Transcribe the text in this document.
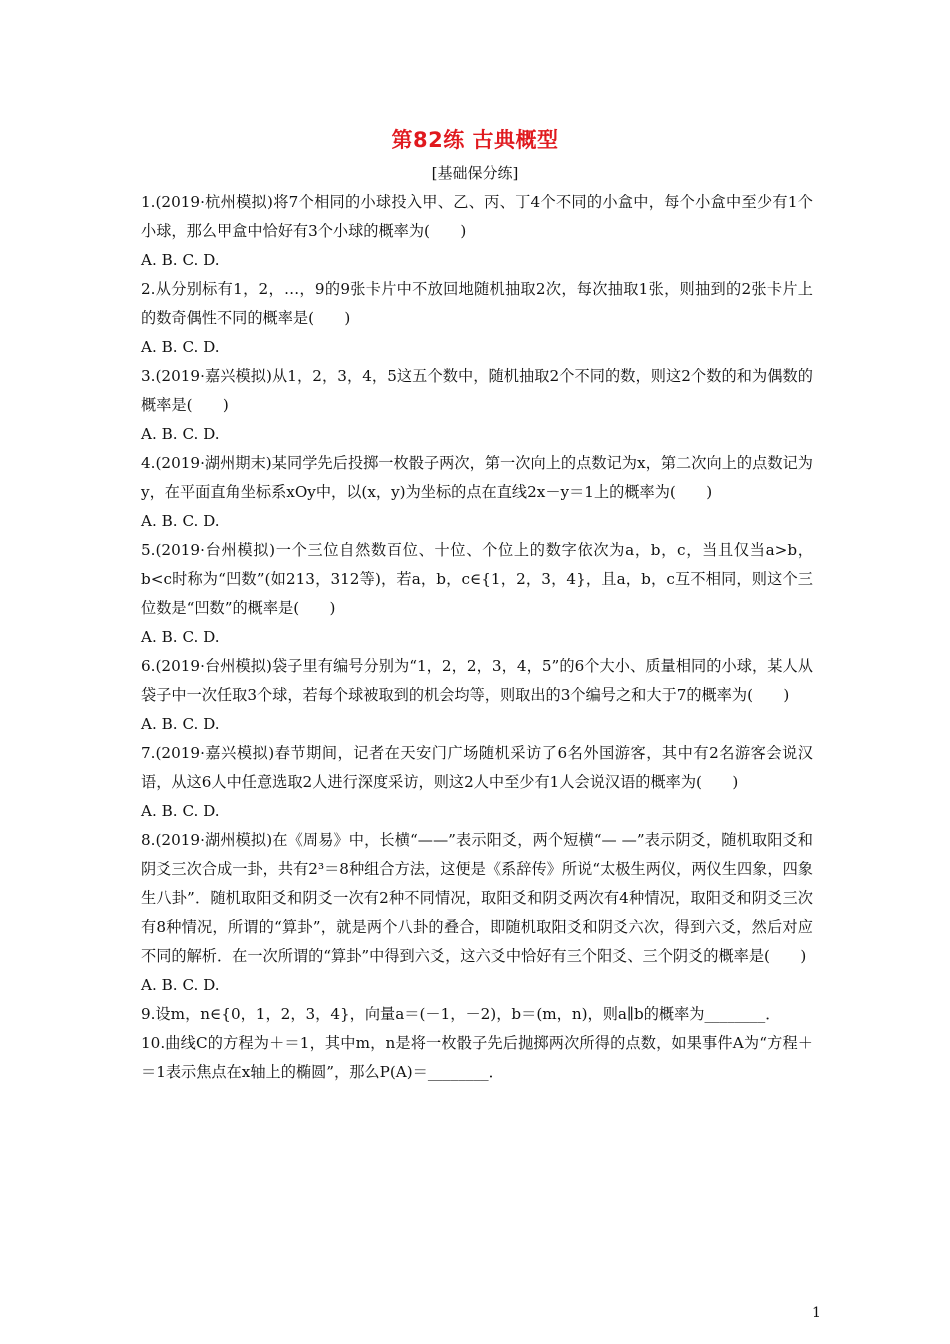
第82练 古典概型
[基础保分练]

1.(2019·杭州模拟)将7个相同的小球投入甲、乙、丙、丁4个不同的小盒中，每个小盒中至少有1个小球，那么甲盒中恰好有3个小球的概率为(　　)

A. B. C. D.

2.从分别标有1，2，…，9的9张卡片中不放回地随机抽取2次，每次抽取1张，则抽到的2张卡片上的数奇偶性不同的概率是(　　)

A. B. C. D.

3.(2019·嘉兴模拟)从1，2，3，4，5这五个数中，随机抽取2个不同的数，则这2个数的和为偶数的概率是(　　)

A. B. C. D.

4.(2019·湖州期末)某同学先后投掷一枚骰子两次，第一次向上的点数记为x，第二次向上的点数记为y，在平面直角坐标系xOy中，以(x，y)为坐标的点在直线2x－y＝1上的概率为(　　)

A. B. C. D.

5.(2019·台州模拟)一个三位自然数百位、十位、个位上的数字依次为a，b，c，当且仅当a>b，b<c时称为“凹数”(如213，312等)，若a，b，c∈{1，2，3，4}，且a，b，c互不相同，则这个三位数是“凹数”的概率是(　　)

A. B. C. D.

6.(2019·台州模拟)袋子里有编号分别为“1，2，2，3，4，5”的6个大小、质量相同的小球，某人从袋子中一次任取3个球，若每个球被取到的机会均等，则取出的3个编号之和大于7的概率为(　　)

A. B. C. D.

7.(2019·嘉兴模拟)春节期间，记者在天安门广场随机采访了6名外国游客，其中有2名游客会说汉语，从这6人中任意选取2人进行深度采访，则这2人中至少有1人会说汉语的概率为(　　)

A. B. C. D.

8.(2019·湖州模拟)在《周易》中，长横“——”表示阳爻，两个短横“— —”表示阴爻，随机取阳爻和阴爻三次合成一卦，共有2³＝8种组合方法，这便是《系辞传》所说“太极生两仪，两仪生四象，四象生八卦”．随机取阳爻和阴爻一次有2种不同情况，取阳爻和阴爻两次有4种情况，取阳爻和阴爻三次有8种情况，所谓的“算卦”，就是两个八卦的叠合，即随机取阳爻和阴爻六次，得到六爻，然后对应不同的解析．在一次所谓的“算卦”中得到六爻，这六爻中恰好有三个阳爻、三个阴爻的概率是(　　)

A. B. C. D.

9.设m，n∈{0，1，2，3，4}，向量a＝(－1，－2)，b＝(m，n)，则a∥b的概率为________．

10.曲线C的方程为＋＝1，其中m，n是将一枚骰子先后抛掷两次所得的点数，如果事件A为“方程＋＝1表示焦点在x轴上的椭圆”，那么P(A)＝________．

1
